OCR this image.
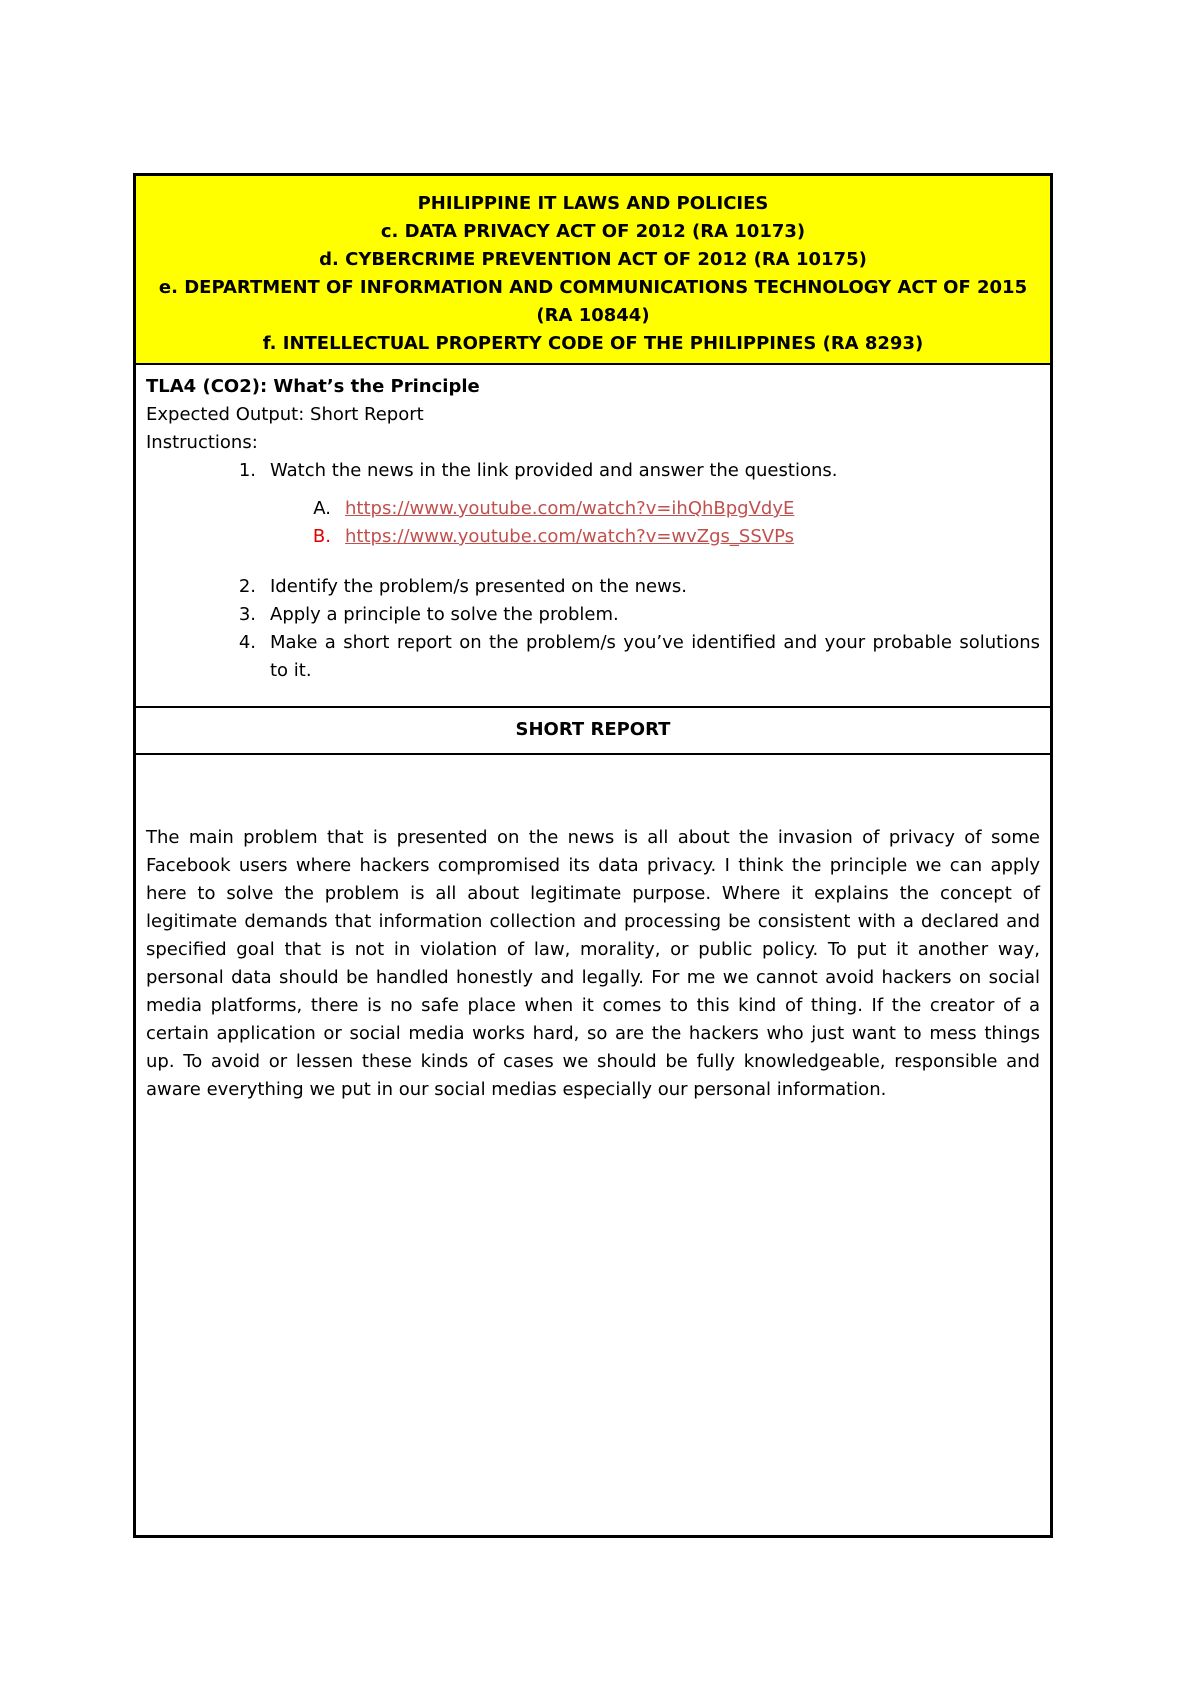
PHILIPPINE IT LAWS AND POLICIES
c. DATA PRIVACY ACT OF 2012 (RA 10173)
d. CYBERCRIME PREVENTION ACT OF 2012 (RA 10175)
e. DEPARTMENT OF INFORMATION AND COMMUNICATIONS TECHNOLOGY ACT OF 2015 (RA 10844)
f. INTELLECTUAL PROPERTY CODE OF THE PHILIPPINES (RA 8293)
TLA4 (CO2): What’s the Principle
Expected Output: Short Report
Instructions:
1. Watch the news in the link provided and answer the questions.
A. https://www.youtube.com/watch?v=ihQhBpgVdyE
B. https://www.youtube.com/watch?v=wvZgs_SSVPs
2. Identify the problem/s presented on the news.
3. Apply a principle to solve the problem.
4. Make a short report on the problem/s you’ve identified and your probable solutions to it.
SHORT REPORT
The main problem that is presented on the news is all about the invasion of privacy of some Facebook users where hackers compromised its data privacy. I think the principle we can apply here to solve the problem is all about legitimate purpose. Where it explains the concept of legitimate demands that information collection and processing be consistent with a declared and specified goal that is not in violation of law, morality, or public policy. To put it another way, personal data should be handled honestly and legally. For me we cannot avoid hackers on social media platforms, there is no safe place when it comes to this kind of thing. If the creator of a certain application or social media works hard, so are the hackers who just want to mess things up. To avoid or lessen these kinds of cases we should be fully knowledgeable, responsible and aware everything we put in our social medias especially our personal information.
